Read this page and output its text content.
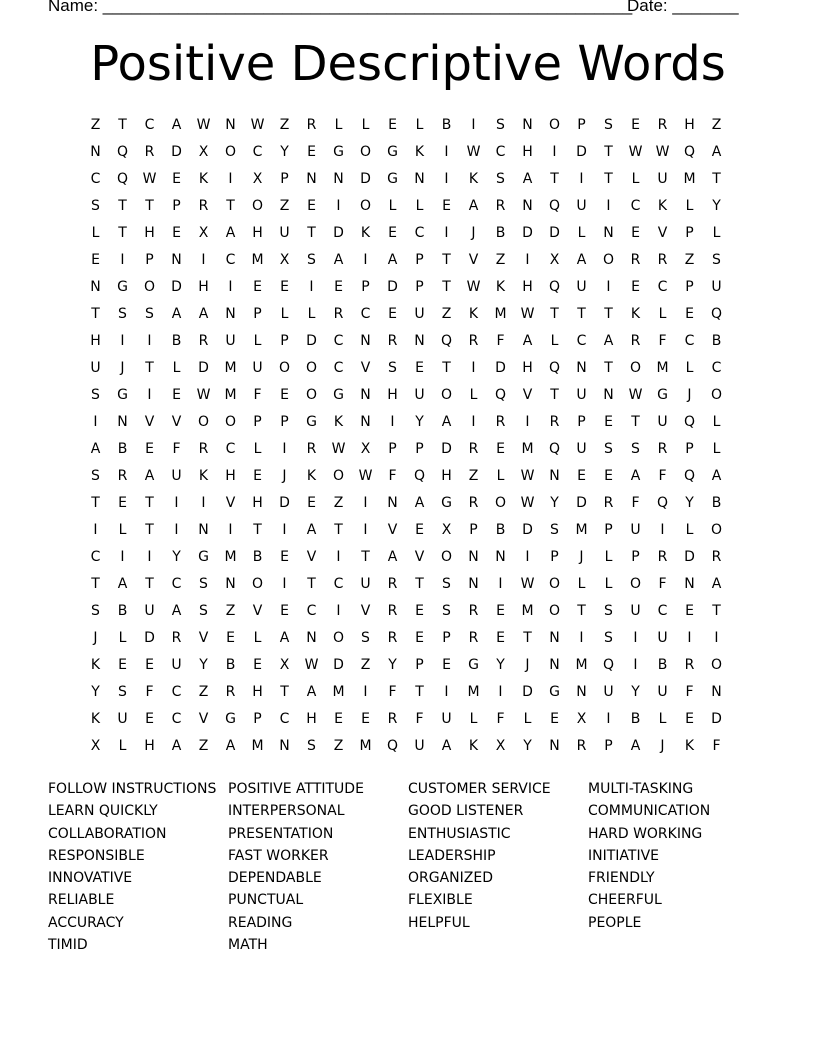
Name: ________________________________________________________
Date: _______
Positive Descriptive Words
Z	T	C	A	W	N	W	Z	R	L	L	E	L	B	I	S	N	O	P	S	E	R	H	Z
N	Q	R	D	X	O	C	Y	E	G	O	G	K	I	W	C	H	I	D	T	W W	Q	A
C	Q	W	E	K	I	X	P	N	N	D	G	N	I	K	S	A	T	I	T	L	U	M	T
S	T	T	P	R	T	O	Z	E	I	O	L	L	E	A	R	N	Q	U	I	C	K	L	Y
L	T	H	E	X	A	H	U	T	D	K	E	C	I	J	B	D	D	L	N	E	V	P	L
E	I	P	N	I	C	M	X	S	A	I	A	P	T	V	Z	I	X	A	O	R	R	Z	S
N	G	O	D	H	I	E	E	I	E	P	D	P	T	W	K	H	Q	U	I	E	C	P	U
T	S	S	A	A	N	P	L	L	R	C	E	U	Z	K	M	W	T	T	T	K	L	E	Q
H	I	I	B	R	U	L	P	D	C	N	R	N	Q	R	F	A	L	C	A	R	F	C	B
U	J	T	L	D	M	U	O	O	C	V	S	E	T	I	D	H	Q	N	T	O	M	L	C
S	G	I	E	W	M	F	E	O	G	N	H	U	O	L	Q	V	T	U	N	W	G	J	O
I	N	V	V	O	O	P	P	G	K	N	I	Y	A	I	R	I	R	P	E	T	U	Q	L
A	B	E	F	R	C	L	I	R	W	X	P	P	D	R	E	M	Q	U	S	S	R	P	L
S	R	A	U	K	H	E	J	K	O	W	F	Q	H	Z	L	W	N	E	E	A	F	Q	A
T	E	T	I	I	V	H	D	E	Z	I	N	A	G	R	O	W	Y	D	R	F	Q	Y	B
I	L	T	I	N	I	T	I	A	T	I	V	E	X	P	B	D	S	M	P	U	I	L	O
C	I	I	Y	G	M	B	E	V	I	T	A	V	O	N	N	I	P	J	L	P	R	D	R
T	A	T	C	S	N	O	I	T	C	U	R	T	S	N	I	W	O	L	L	O	F	N	A
S	B	U	A	S	Z	V	E	C	I	V	R	E	S	R	E	M	O	T	S	U	C	E	T
J	L	D	R	V	E	L	A	N	O	S	R	E	P	R	E	T	N	I	S	I	U	I	I
K	E	E	U	Y	B	E	X	W	D	Z	Y	P	E	G	Y	J	N	M	Q	I	B	R	O
Y	S	F	C	Z	R	H	T	A	M	I	F	T	I	M	I	D	G	N	U	Y	U	F	N
K	U	E	C	V	G	P	C	H	E	E	R	F	U	L	F	L	E	X	I	B	L	E	D
X	L	H	A	Z	A	M	N	S	Z	M	Q	U	A	K	X	Y	N	R	P	A	J	K	F
FOLLOW INSTRUCTIONS
LEARN QUICKLY
COLLABORATION
RESPONSIBLE
INNOVATIVE
RELIABLE
ACCURACY
TIMID
POSITIVE ATTITUDE
INTERPERSONAL
PRESENTATION
FAST WORKER
DEPENDABLE
PUNCTUAL
READING
MATH
CUSTOMER SERVICE
GOOD LISTENER
ENTHUSIASTIC
LEADERSHIP
ORGANIZED
FLEXIBLE
HELPFUL
MULTI-TASKING
COMMUNICATION
HARD WORKING
INITIATIVE
FRIENDLY
CHEERFUL
PEOPLE
